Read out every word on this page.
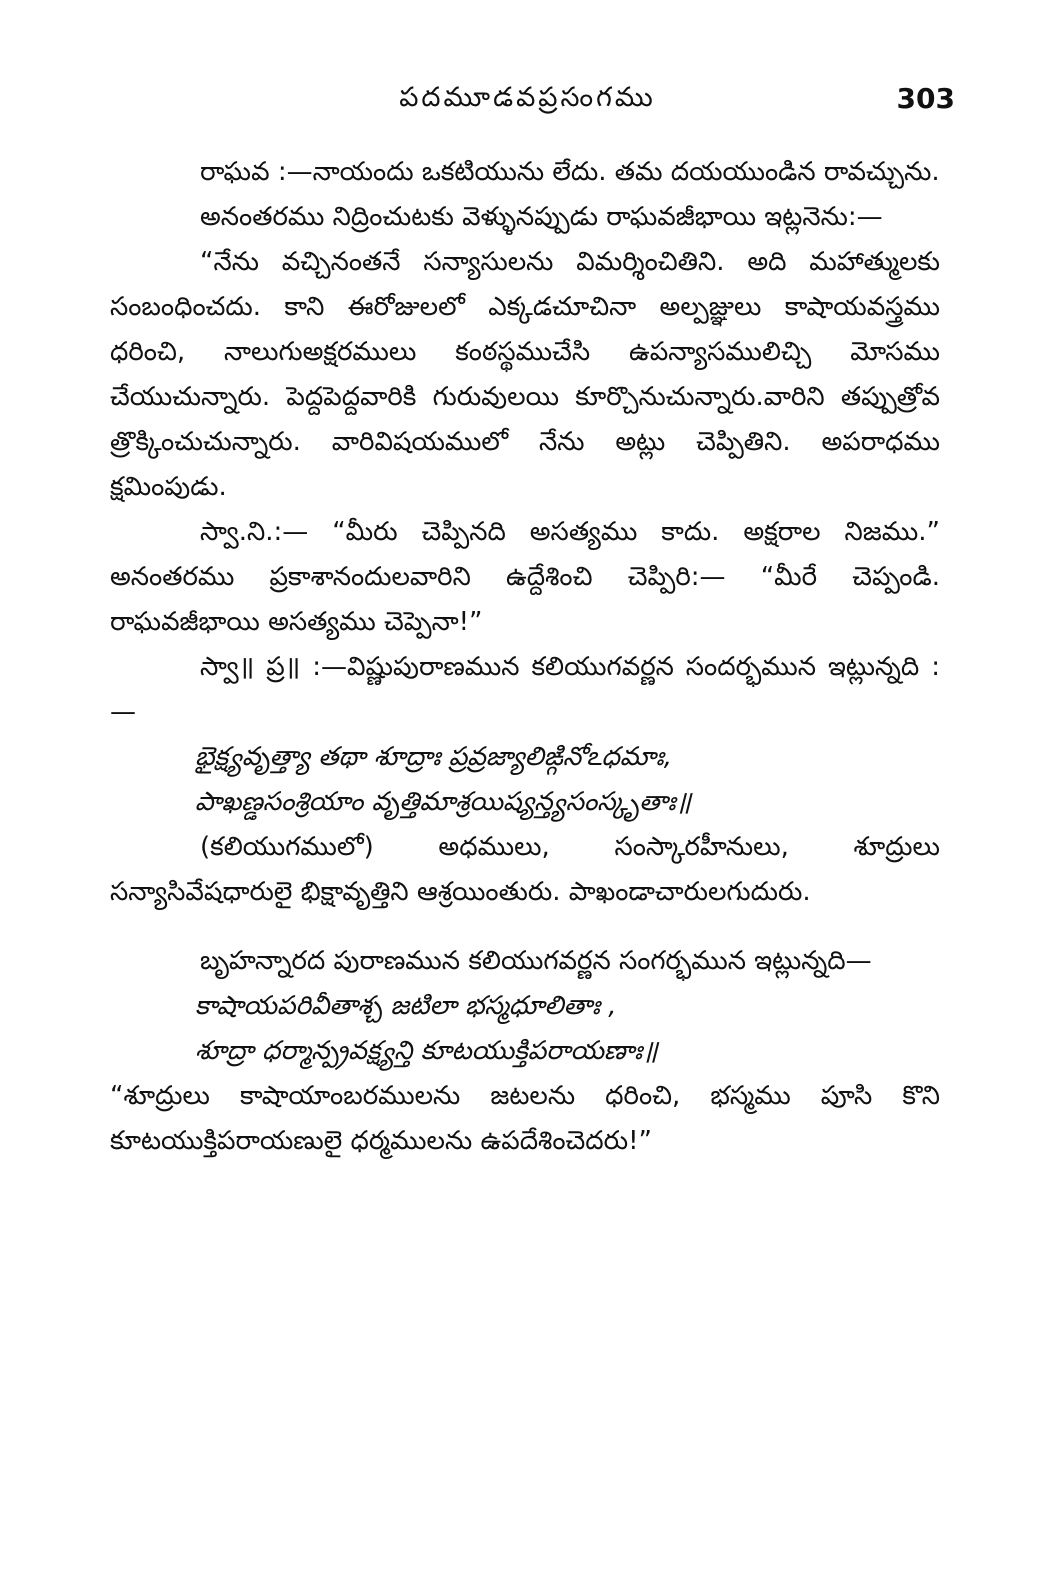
పదమూడవప్రసంగము	303

రాఘవ :—నాయందు ఒకటియును లేదు. తమ దయయుండిన రావచ్చును.

అనంతరము నిద్రించుటకు వెళ్ళునప్పుడు రాఘవజీభాయి ఇట్లనెను:—

“నేను వచ్చినంతనే సన్యాసులను విమర్శించితిని. అది మహాత్ములకు సంబంధించదు. కాని ఈరోజులలో ఎక్కడచూచినా అల్పజ్ఞులు కాషాయవస్త్రము ధరించి, నాలుగుఅక్షరములు కంఠస్థముచేసి ఉపన్యాసములిచ్చి మోసము చేయుచున్నారు. పెద్దపెద్దవారికి గురువులయి కూర్చొనుచున్నారు.వారిని తప్పుత్రోవ త్రొక్కించుచున్నారు. వారివిషయములో నేను అట్లు చెప్పితిని. అపరాధము క్షమింపుడు.

స్వా.ని.:— “మీరు చెప్పినది అసత్యము కాదు. అక్షరాల నిజము.” అనంతరము ప్రకాశానందులవారిని ఉద్దేశించి చెప్పిరి:— “మీరే చెప్పండి. రాఘవజీభాయి అసత్యము చెప్పెనా!”

స్వా॥ ప్ర॥ :—విష్ణుపురాణమున కలియుగవర్ణన సందర్భమున ఇట్లున్నది :—

భైక్ష్యవృత్త్యా తథా శూద్రాః ప్రవ్రజ్యాలిఙ్గినోఽధమాః,

పాఖణ్డసంశ్రియాం వృత్తిమాశ్రయిష్యన్త్యసంస్కృతాః॥

(కలియుగములో) అధములు, సంస్కారహీనులు, శూద్రులు సన్యాసివేషధారులై భిక్షావృత్తిని ఆశ్రయింతురు. పాఖండాచారులగుదురు.

బృహన్నారద పురాణమున కలియుగవర్ణన సంగర్భమున ఇట్లున్నది—

కాషాయపరివీతాశ్చ జటిలా భస్మధూలితాః ,

శూద్రా ధర్మాన్ప్రవక్ష్యన్తి కూటయుక్తిపరాయణాః॥

“శూద్రులు కాషాయాంబరములను జటలను ధరించి, భస్మము పూసి కొని కూటయుక్తిపరాయణులై ధర్మములను ఉపదేశించెదరు!”
